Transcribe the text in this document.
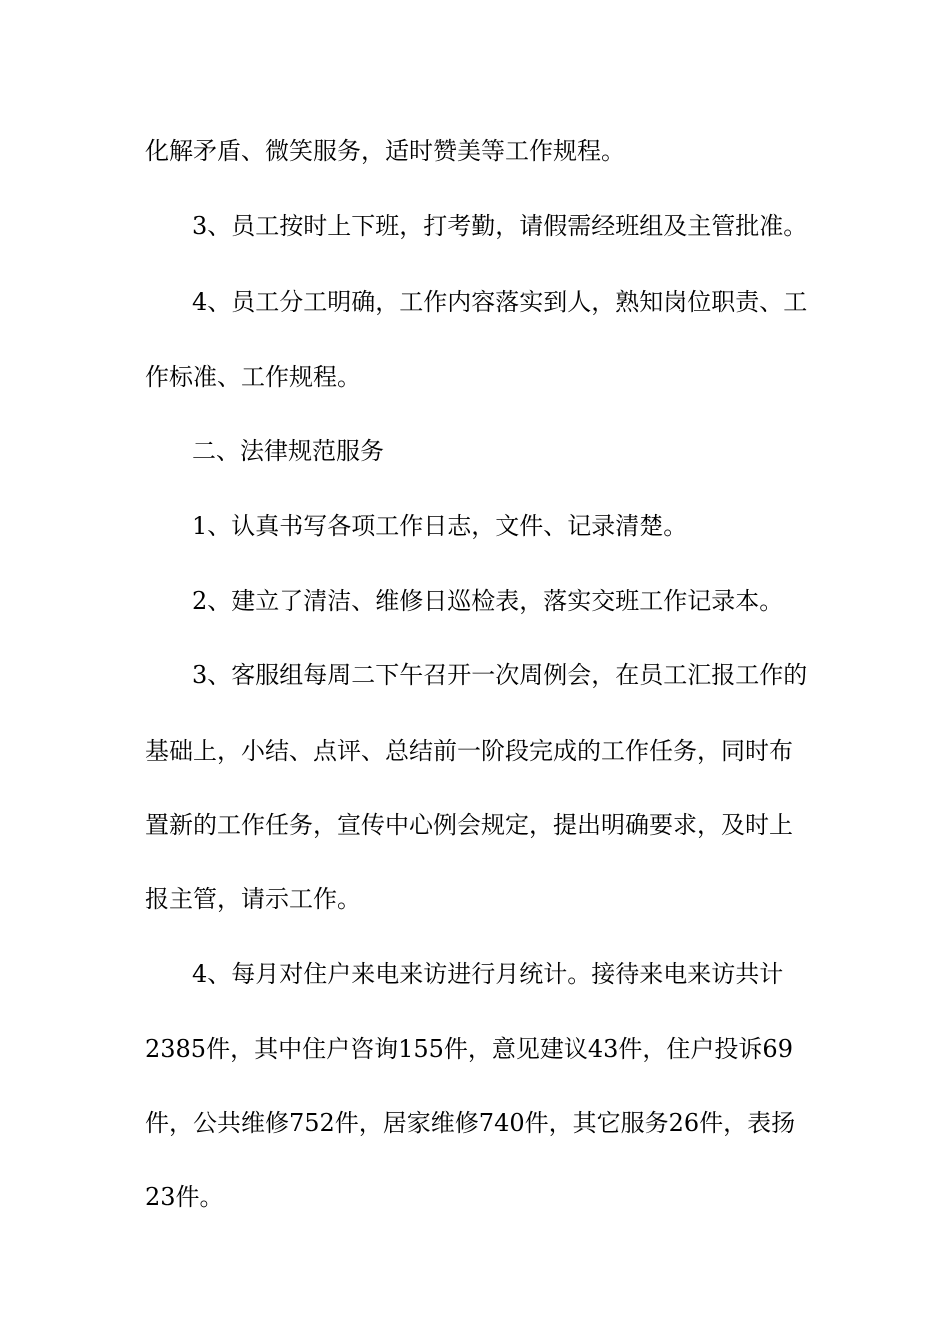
化解矛盾、微笑服务，适时赞美等工作规程。
3、员工按时上下班，打考勤，请假需经班组及主管批准。
4、员工分工明确，工作内容落实到人，熟知岗位职责、工
作标准、工作规程。
二、法律规范服务
1、认真书写各项工作日志，文件、记录清楚。
2、建立了清洁、维修日巡检表，落实交班工作记录本。
3、客服组每周二下午召开一次周例会，在员工汇报工作的
基础上，小结、点评、总结前一阶段完成的工作任务，同时布
置新的工作任务，宣传中心例会规定，提出明确要求，及时上
报主管，请示工作。
4、每月对住户来电来访进行月统计。接待来电来访共计
2385件，其中住户咨询155件，意见建议43件，住户投诉69
件，公共维修752件，居家维修740件，其它服务26件，表扬
23件。
